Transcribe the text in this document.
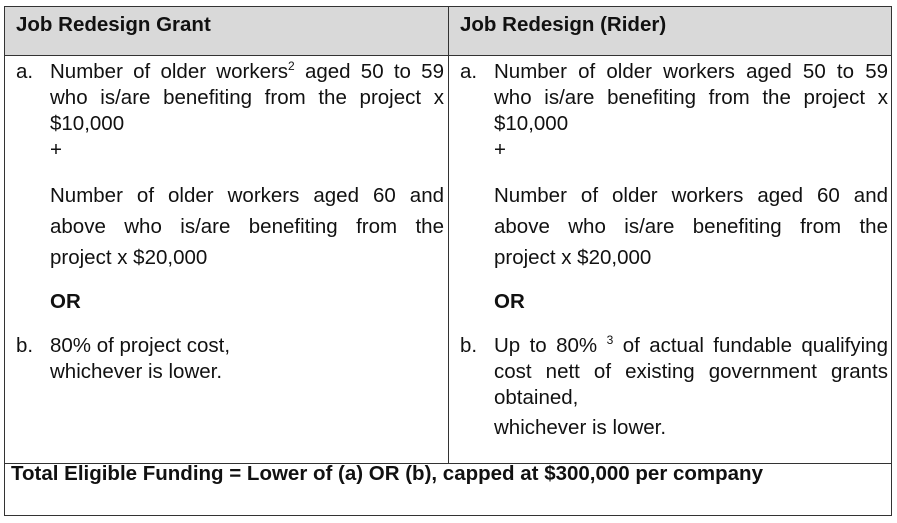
Job Redesign Grant	Job Redesign (Rider)
a. Number of older workers$^2$ aged 50 to 59 who is/are benefiting from the project x $10,000
+
Number of older workers aged 60 and above who is/are benefiting from the project x $20,000
OR
b. 80% of project cost,
whichever is lower.
a. Number of older workers aged 50 to 59 who is/are benefiting from the project x $10,000
+
Number of older workers aged 60 and above who is/are benefiting from the project x $20,000
OR
b. Up to 80% $^3$ of actual fundable qualifying cost nett of existing government grants obtained,
whichever is lower.
Total Eligible Funding = Lower of (a) OR (b), capped at $300,000 per company
